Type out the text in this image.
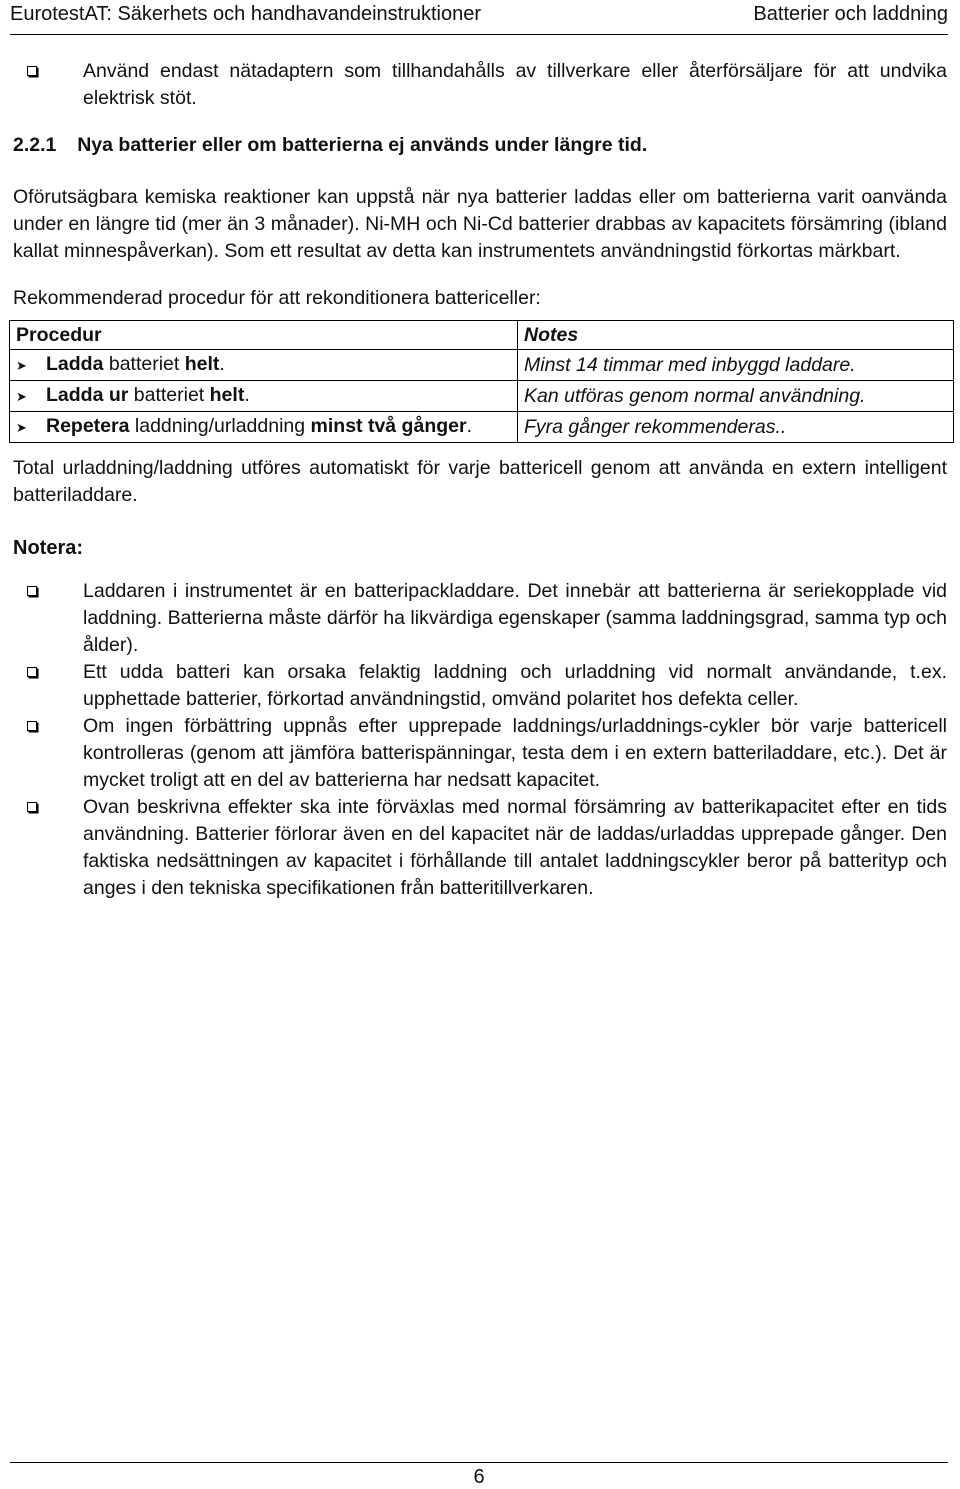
EurotestAT: Säkerhets och handhavandeinstruktioner	Batterier och laddning
Använd endast nätadaptern som tillhandahålls av tillverkare eller återförsäljare för att undvika elektrisk stöt.
2.2.1 Nya batterier eller om batterierna ej används under längre tid.

Oförutsägbara kemiska reaktioner kan uppstå när nya batterier laddas eller om batterierna varit oanvända under en längre tid (mer än 3 månader). Ni-MH och Ni-Cd batterier drabbas av kapacitets försämring (ibland kallat minnespåverkan). Som ett resultat av detta kan instrumentets användningstid förkortas märkbart.

Rekommenderad procedur för att rekonditionera battericeller:

Procedur	Notes
➤ Ladda batteriet helt.	Minst 14 timmar med inbyggd laddare.
➤ Ladda ur batteriet helt.	Kan utföras genom normal användning.
➤ Repetera laddning/urladdning minst två gånger.	Fyra gånger rekommenderas..

Total urladdning/laddning utföres automatiskt för varje battericell genom att använda en extern intelligent batteriladdare.

Notera:
Laddaren i instrumentet är en batteripackladdare. Det innebär att batterierna är seriekopplade vid laddning. Batterierna måste därför ha likvärdiga egenskaper (samma laddningsgrad, samma typ och ålder).
Ett udda batteri kan orsaka felaktig laddning och urladdning vid normalt användande, t.ex. upphettade batterier, förkortad användningstid, omvänd polaritet hos defekta celler.
Om ingen förbättring uppnås efter upprepade laddnings/urladdnings-cykler bör varje battericell kontrolleras (genom att jämföra batterispänningar, testa dem i en extern batteriladdare, etc.). Det är mycket troligt att en del av batterierna har nedsatt kapacitet.
Ovan beskrivna effekter ska inte förväxlas med normal försämring av batterikapacitet efter en tids användning. Batterier förlorar även en del kapacitet när de laddas/urladdas upprepade gånger. Den faktiska nedsättningen av kapacitet i förhållande till antalet laddningscykler beror på batterityp och anges i den tekniska specifikationen från batteritillverkaren.
6
